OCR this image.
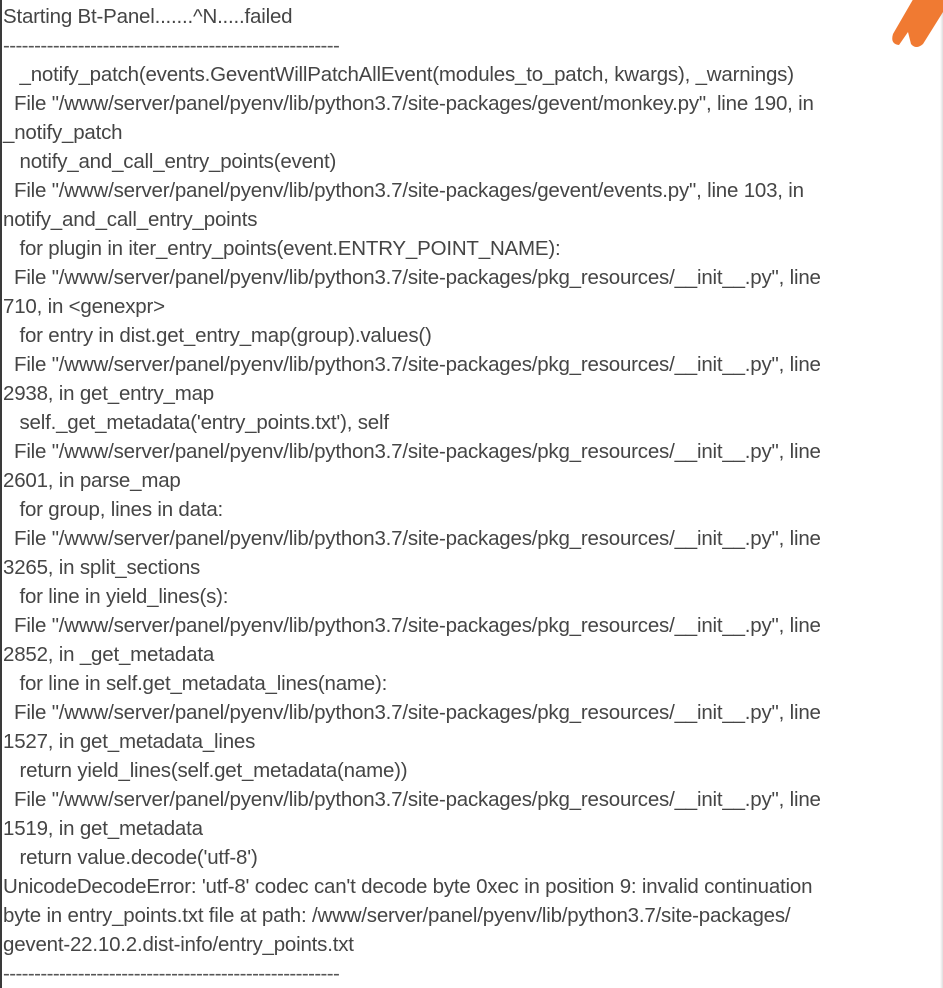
Starting Bt-Panel.......^N.....failed
------------------------------------------------------
_notify_patch(events.GeventWillPatchAllEvent(modules_to_patch, kwargs), _warnings)
File "/www/server/panel/pyenv/lib/python3.7/site-packages/gevent/monkey.py", line 190, in
_notify_patch
notify_and_call_entry_points(event)
File "/www/server/panel/pyenv/lib/python3.7/site-packages/gevent/events.py", line 103, in
notify_and_call_entry_points
for plugin in iter_entry_points(event.ENTRY_POINT_NAME):
File "/www/server/panel/pyenv/lib/python3.7/site-packages/pkg_resources/__init__.py", line
710, in <genexpr>
for entry in dist.get_entry_map(group).values()
File "/www/server/panel/pyenv/lib/python3.7/site-packages/pkg_resources/__init__.py", line
2938, in get_entry_map
self._get_metadata('entry_points.txt'), self
File "/www/server/panel/pyenv/lib/python3.7/site-packages/pkg_resources/__init__.py", line
2601, in parse_map
for group, lines in data:
File "/www/server/panel/pyenv/lib/python3.7/site-packages/pkg_resources/__init__.py", line
3265, in split_sections
for line in yield_lines(s):
File "/www/server/panel/pyenv/lib/python3.7/site-packages/pkg_resources/__init__.py", line
2852, in _get_metadata
for line in self.get_metadata_lines(name):
File "/www/server/panel/pyenv/lib/python3.7/site-packages/pkg_resources/__init__.py", line
1527, in get_metadata_lines
return yield_lines(self.get_metadata(name))
File "/www/server/panel/pyenv/lib/python3.7/site-packages/pkg_resources/__init__.py", line
1519, in get_metadata
return value.decode('utf-8')
UnicodeDecodeError: 'utf-8' codec can't decode byte 0xec in position 9: invalid continuation
byte in entry_points.txt file at path: /www/server/panel/pyenv/lib/python3.7/site-packages/
gevent-22.10.2.dist-info/entry_points.txt
------------------------------------------------------
